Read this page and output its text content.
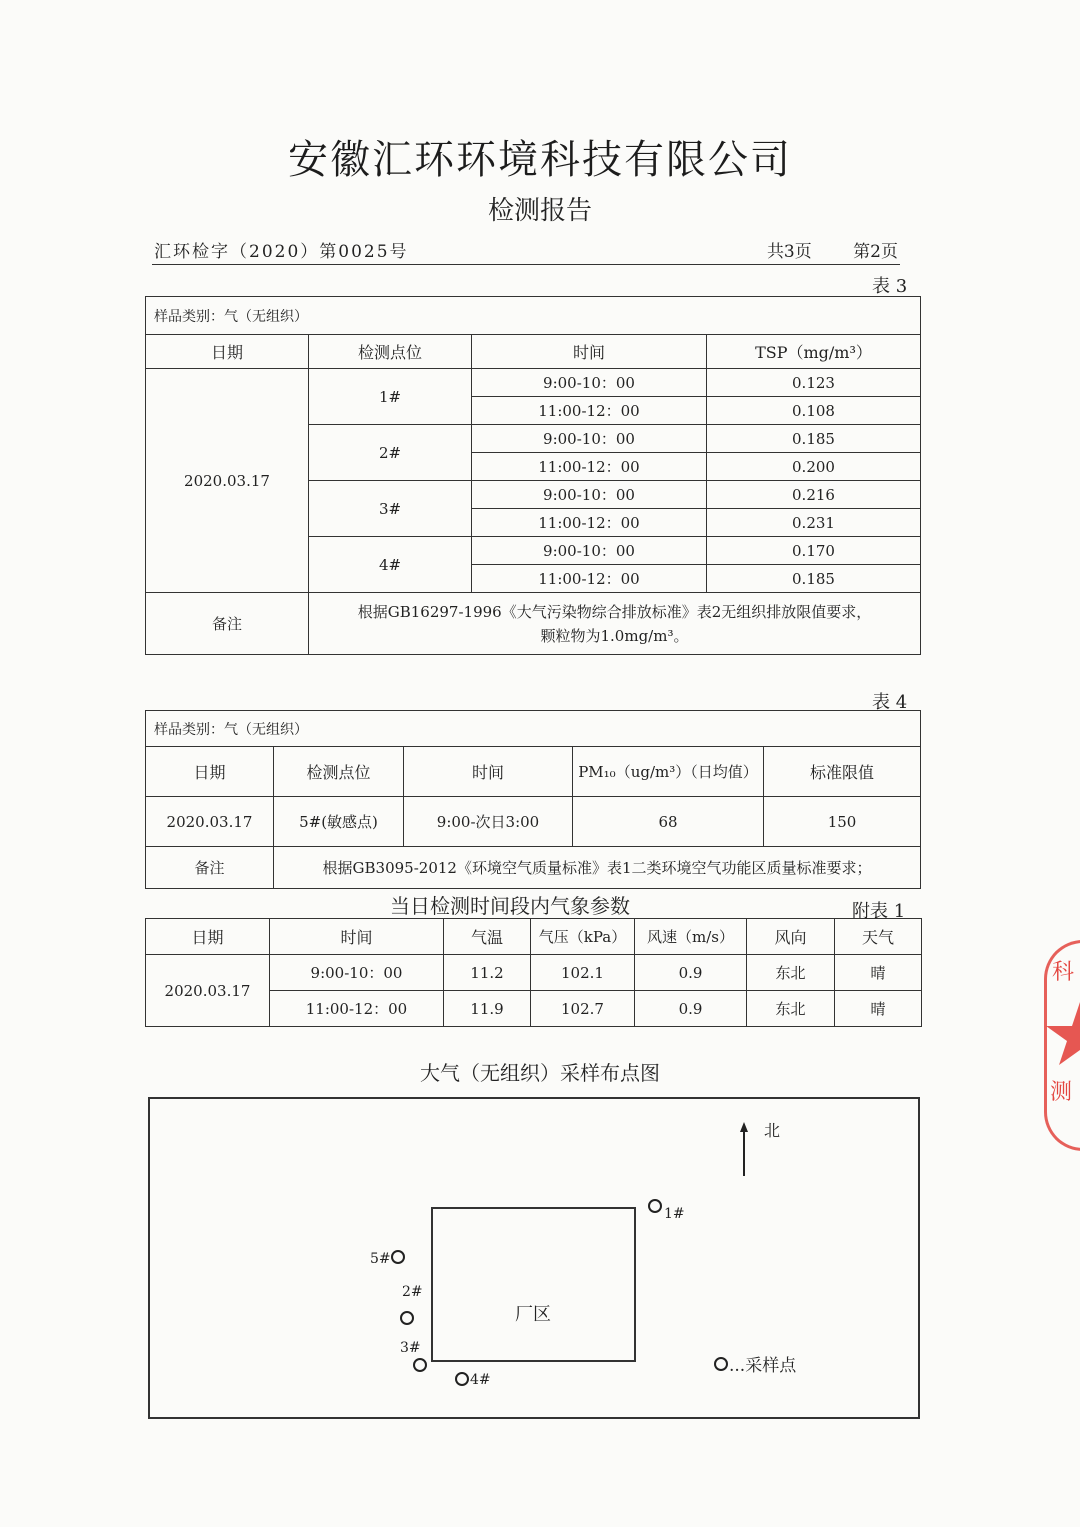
安徽汇环环境科技有限公司
检测报告
汇环检字（2020）第0025号	共3页 第2页
表 3
样品类别：气（无组织）			
日期	检测点位	时间	TSP（mg/m³）
2020.03.17	1#	9:00-10：00	0.123
		11:00-12：00	0.108
	2#	9:00-10：00	0.185
		11:00-12：00	0.200
	3#	9:00-10：00	0.216
		11:00-12：00	0.231
	4#	9:00-10：00	0.170
		11:00-12：00	0.185
备注	根据GB16297-1996《大气污染物综合排放标准》表2无组织排放限值要求，
颗粒物为1.0mg/m³。		
表 4
样品类别：气（无组织）				
日期	检测点位	时间	PM₁₀（ug/m³）（日均值）	标准限值
2020.03.17	5#(敏感点)	9:00-次日3:00	68	150
备注	根据GB3095-2012《环境空气质量标准》表1二类环境空气功能区质量标准要求；			
当日检测时间段内气象参数	附表 1
日期	时间	气温	气压（kPa）	风速（m/s）	风向	天气
2020.03.17	9:00-10：00	11.2	102.1	0.9	东北	晴
	11:00-12：00	11.9	102.7	0.9	东北	晴
大气（无组织）采样布点图
北
厂区
1#
5#
2#
3#
4#
...采样点
科
测
